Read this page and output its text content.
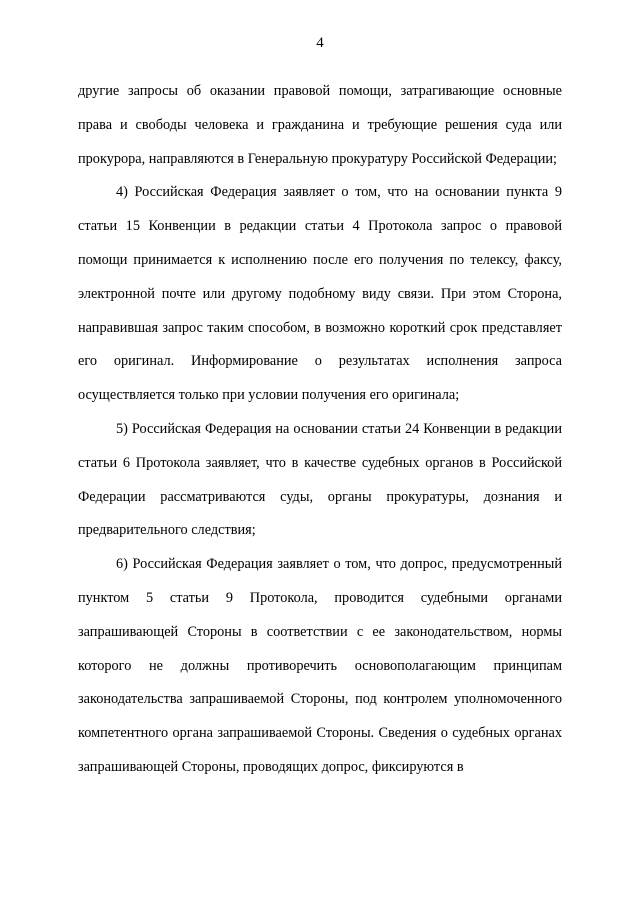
4

другие запросы об оказании правовой помощи, затрагивающие основные права и свободы человека и гражданина и требующие решения суда или прокурора, направляются в Генеральную прокуратуру Российской Федерации;

4) Российская Федерация заявляет о том, что на основании пункта 9 статьи 15 Конвенции в редакции статьи 4 Протокола запрос о правовой помощи принимается к исполнению после его получения по телексу, факсу, электронной почте или другому подобному виду связи. При этом Сторона, направившая запрос таким способом, в возможно короткий срок представляет его оригинал. Информирование о результатах исполнения запроса осуществляется только при условии получения его оригинала;

5) Российская Федерация на основании статьи 24 Конвенции в редакции статьи 6 Протокола заявляет, что в качестве судебных органов в Российской Федерации рассматриваются суды, органы прокуратуры, дознания и предварительного следствия;

6) Российская Федерация заявляет о том, что допрос, предусмотренный пунктом 5 статьи 9 Протокола, проводится судебными органами запрашивающей Стороны в соответствии с ее законодательством, нормы которого не должны противоречить основополагающим принципам законодательства запрашиваемой Стороны, под контролем уполномоченного компетентного органа запрашиваемой Стороны. Сведения о судебных органах запрашивающей Стороны, проводящих допрос, фиксируются в
